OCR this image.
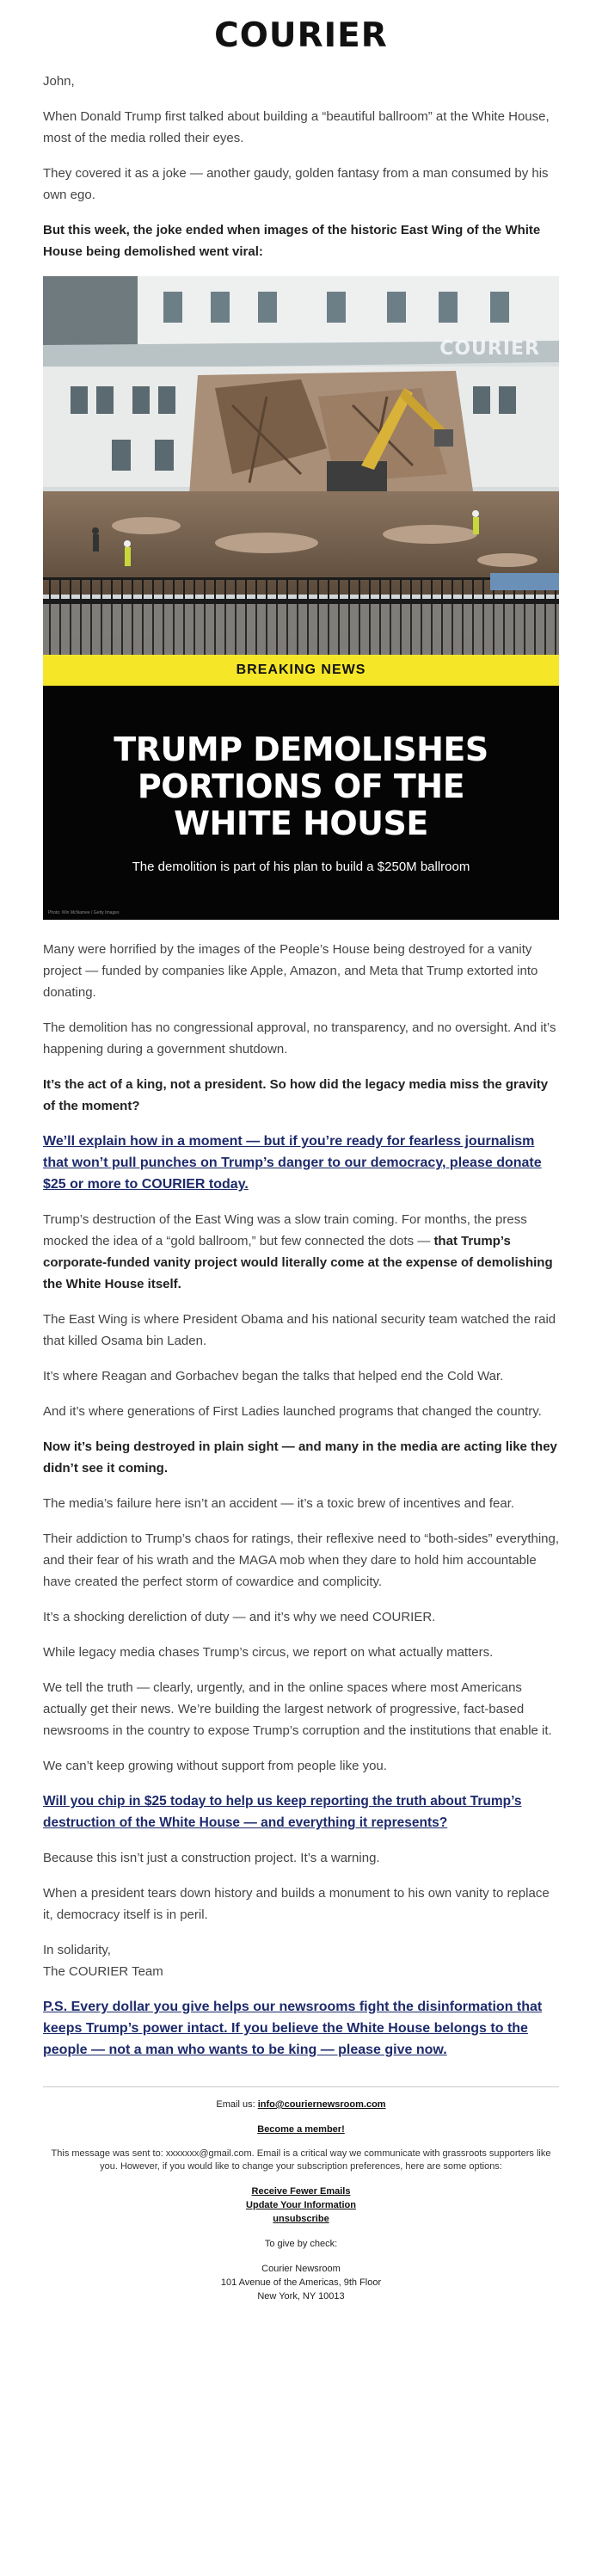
COURIER

John,

When Donald Trump first talked about building a “beautiful ballroom” at the White House, most of the media rolled their eyes.

They covered it as a joke — another gaudy, golden fantasy from a man consumed by his own ego.

But this week, the joke ended when images of the historic East Wing of the White House being demolished went viral:

COURIER
BREAKING NEWS
TRUMP DEMOLISHES PORTIONS OF THE WHITE HOUSE
The demolition is part of his plan to build a $250M ballroom
Photo: Win McNamee / Getty Images

Many were horrified by the images of the People’s House being destroyed for a vanity project — funded by companies like Apple, Amazon, and Meta that Trump extorted into donating.

The demolition has no congressional approval, no transparency, and no oversight. And it’s happening during a government shutdown.

It’s the act of a king, not a president. So how did the legacy media miss the gravity of the moment?

We’ll explain how in a moment — but if you’re ready for fearless journalism that won’t pull punches on Trump’s danger to our democracy, please donate $25 or more to COURIER today.

Trump’s destruction of the East Wing was a slow train coming. For months, the press mocked the idea of a “gold ballroom,” but few connected the dots — that Trump’s corporate-funded vanity project would literally come at the expense of demolishing the White House itself.

The East Wing is where President Obama and his national security team watched the raid that killed Osama bin Laden.

It’s where Reagan and Gorbachev began the talks that helped end the Cold War.

And it’s where generations of First Ladies launched programs that changed the country.

Now it’s being destroyed in plain sight — and many in the media are acting like they didn’t see it coming.

The media’s failure here isn’t an accident — it’s a toxic brew of incentives and fear.

Their addiction to Trump’s chaos for ratings, their reflexive need to “both-sides” everything, and their fear of his wrath and the MAGA mob when they dare to hold him accountable have created the perfect storm of cowardice and complicity.

It’s a shocking dereliction of duty — and it’s why we need COURIER.

While legacy media chases Trump’s circus, we report on what actually matters.

We tell the truth — clearly, urgently, and in the online spaces where most Americans actually get their news. We’re building the largest network of progressive, fact-based newsrooms in the country to expose Trump’s corruption and the institutions that enable it.

We can’t keep growing without support from people like you.

Will you chip in $25 today to help us keep reporting the truth about Trump’s destruction of the White House — and everything it represents?

Because this isn’t just a construction project. It’s a warning.

When a president tears down history and builds a monument to his own vanity to replace it, democracy itself is in peril.

In solidarity,
The COURIER Team

P.S. Every dollar you give helps our newsrooms fight the disinformation that keeps Trump’s power intact. If you believe the White House belongs to the people — not a man who wants to be king — please give now.
Email us: info@couriernewsroom.com
Become a member!
This message was sent to: xxxxxxx@gmail.com. Email is a critical way we communicate with grassroots supporters like you. However, if you would like to change your subscription preferences, here are some options:
Receive Fewer Emails
Update Your Information
unsubscribe
To give by check:
Courier Newsroom
101 Avenue of the Americas, 9th Floor
New York, NY 10013
